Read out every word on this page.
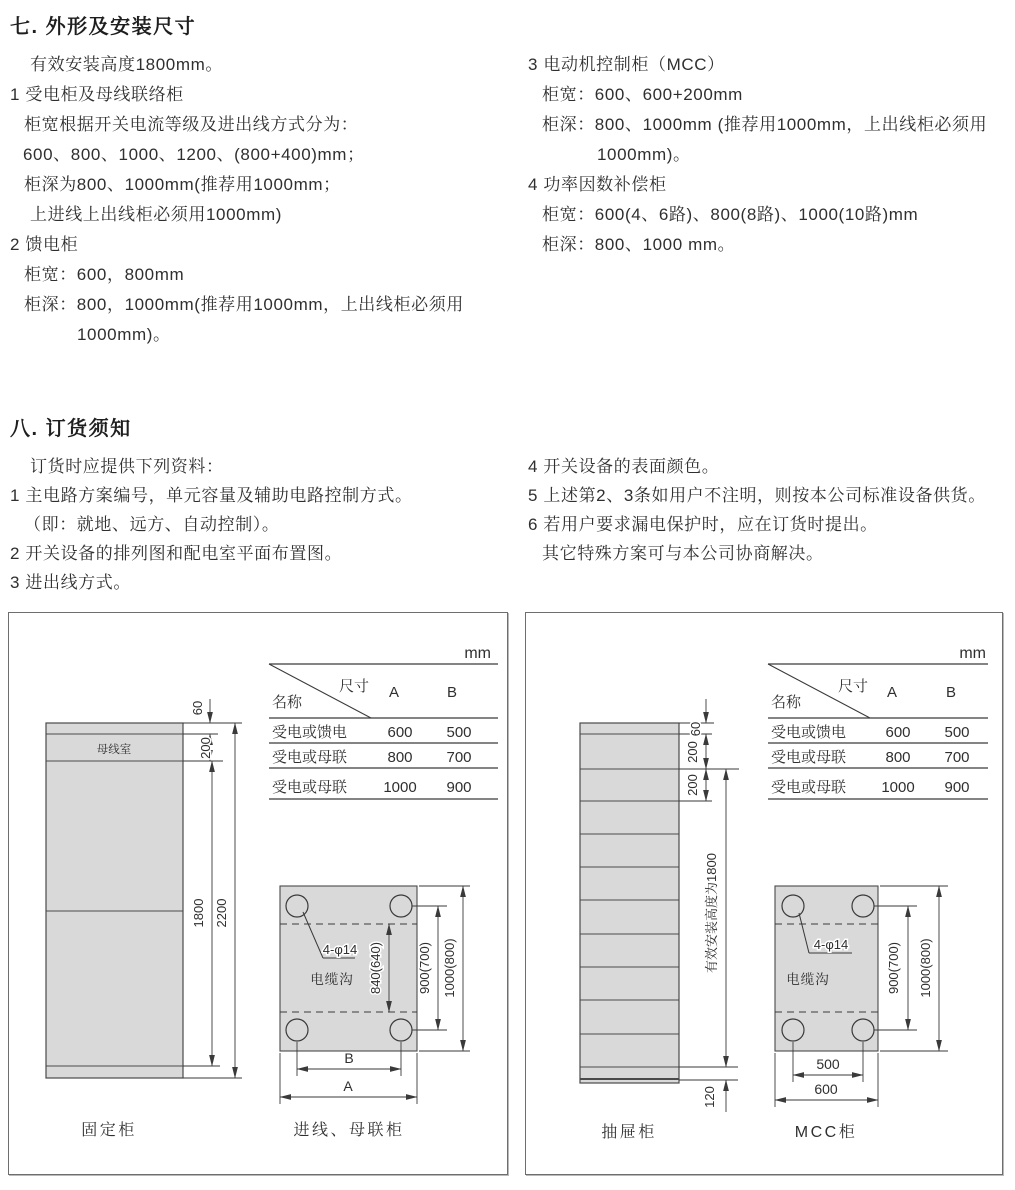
七. 外形及安装尺寸
有效安装高度1800mm。
1 受电柜及母线联络柜
柜宽根据开关电流等级及进出线方式分为：
600、800、1000、1200、(800+400)mm；
柜深为800、1000mm(推荐用1000mm；
上进线上出线柜必须用1000mm)
2 馈电柜
柜宽：600，800mm
柜深：800，1000mm(推荐用1000mm，上出线柜必须用
1000mm)。
3 电动机控制柜（MCC）
柜宽：600、600+200mm
柜深：800、1000mm (推荐用1000mm，上出线柜必须用
1000mm)。
4 功率因数补偿柜
柜宽：600(4、6路)、800(8路)、1000(10路)mm
柜深：800、1000 mm。
八. 订货须知
订货时应提供下列资料：
1 主电路方案编号，单元容量及辅助电路控制方式。
（即：就地、远方、自动控制）。
2 开关设备的排列图和配电室平面布置图。
3 进出线方式。
4 开关设备的表面颜色。
5 上述第2、3条如用户不注明，则按本公司标准设备供货。
6 若用户要求漏电保护时，应在订货时提出。
其它特殊方案可与本公司协商解决。
mm
尺寸
名称
A	B
受电或馈电	600 500
受电或母联	800 700
受电或母联 1000 900
母线室
60
200
1800 2200
4-φ14
电缆沟 840(640)	900(700) 1000(800)
B
A
固定柜	进线、母联柜
mm
尺寸
名称
A	B
受电或馈电	600 500
受电或母联	800 700
受电或母联 1000 900
60
200
200
有效安装高度为1800
120
4-φ14
电缆沟	900(700) 1000(800)
500
600
抽屉柜	MCC柜
